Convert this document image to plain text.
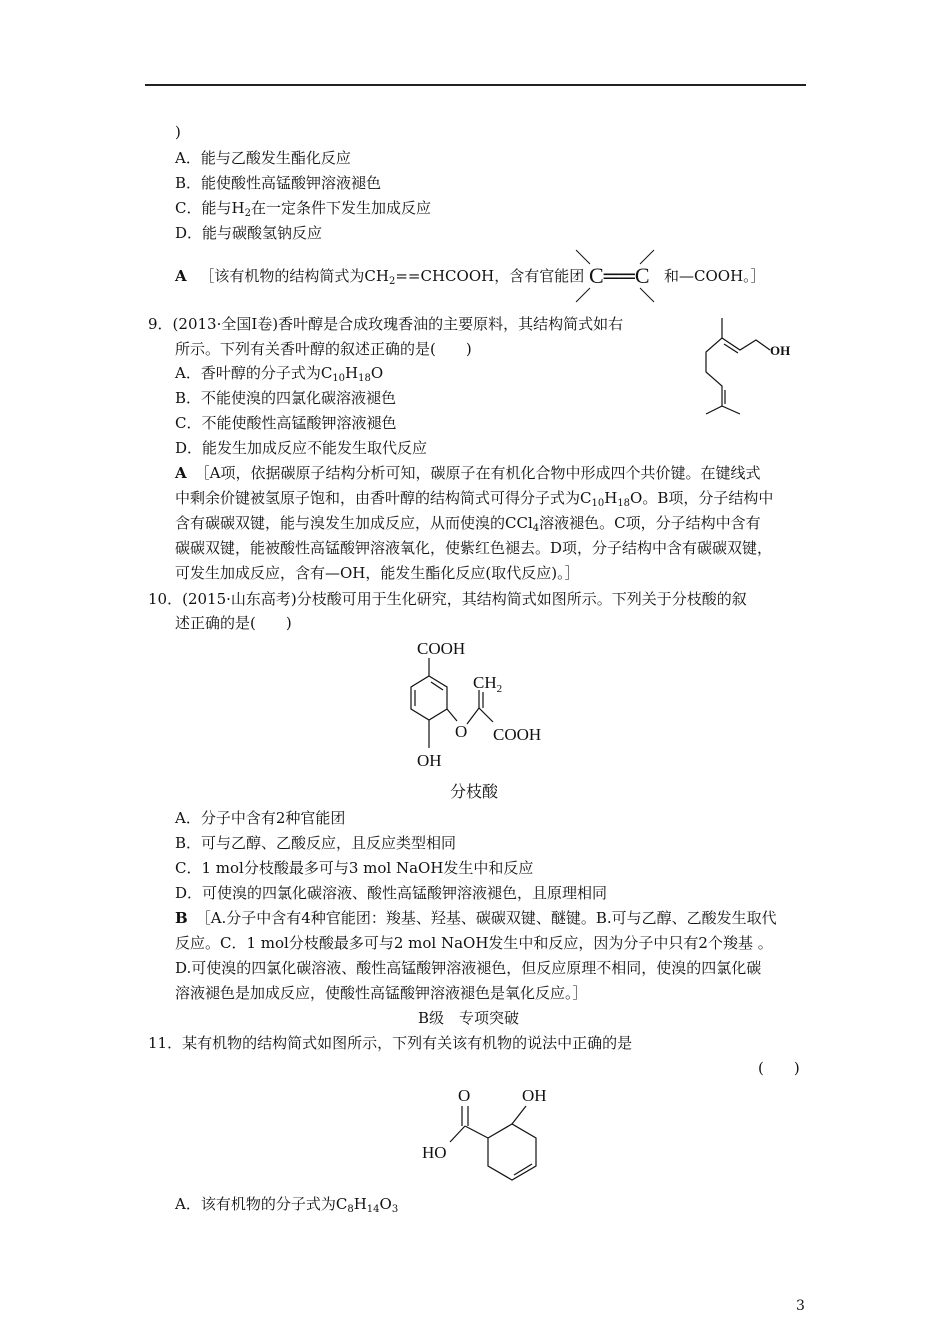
)
A．能与乙酸发生酯化反应
B．能使酸性高锰酸钾溶液褪色
C．能与$H_2$在一定条件下发生加成反应
D．能与碳酸氢钠反应
A ［该有机物的结构简式为$CH_2==CHCOOH$，含有官能团 C══C 和—COOH。］
9．(2013·全国Ⅰ卷)香叶醇是合成玫瑰香油的主要原料，其结构简式如右
所示。下列有关香叶醇的叙述正确的是(　　)	OH
A．香叶醇的分子式为$C_{10}H_{18}O$
B．不能使溴的四氯化碳溶液褪色
C．不能使酸性高锰酸钾溶液褪色
D．能发生加成反应不能发生取代反应
A ［A项，依据碳原子结构分析可知，碳原子在有机化合物中形成四个共价键。在键线式
中剩余价键被氢原子饱和，由香叶醇的结构简式可得分子式为$C_{10}H_{18}O$。B项，分子结构中
含有碳碳双键，能与溴发生加成反应，从而使溴的CCl$_4$溶液褪色。C项，分子结构中含有
碳碳双键，能被酸性高锰酸钾溶液氧化，使紫红色褪去。D项，分子结构中含有碳碳双键，
可发生加成反应，含有—OH，能发生酯化反应(取代反应)。］
10．(2015·山东高考)分枝酸可用于生化研究，其结构简式如图所示。下列关于分枝酸的叙
述正确的是(　　)
COOH
O
$CH_2$
COOH
OH
分枝酸
A．分子中含有2种官能团
B．可与乙醇、乙酸反应，且反应类型相同
C．1 mol分枝酸最多可与3 mol NaOH发生中和反应
D．可使溴的四氯化碳溶液、酸性高锰酸钾溶液褪色，且原理相同
B ［A.分子中含有4种官能团：羧基、羟基、碳碳双键、醚键。B.可与乙醇、乙酸发生取代
反应。C．1 mol分枝酸最多可与2 mol NaOH发生中和反应，因为分子中只有2个羧基 。
D.可使溴的四氯化碳溶液、酸性高锰酸钾溶液褪色，但反应原理不相同，使溴的四氯化碳
溶液褪色是加成反应，使酸性高锰酸钾溶液褪色是氧化反应。］
B级　专项突破
11．某有机物的结构简式如图所示，下列有关该有机物的说法中正确的是
(　　)
O	OH
HO
A．该有机物的分子式为$C_8H_{14}O_3$
3
